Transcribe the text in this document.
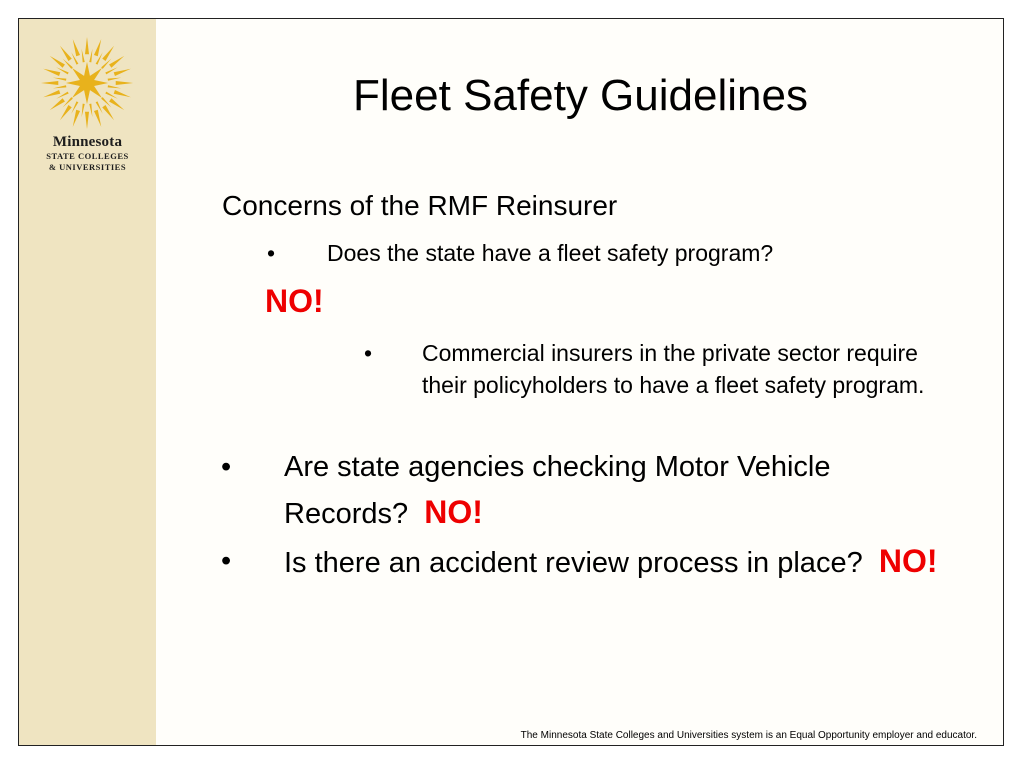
Minnesota
STATE COLLEGES
& UNIVERSITIES
Fleet Safety Guidelines
Concerns of the RMF Reinsurer
• Does the state have a fleet safety program?
NO!
• Commercial insurers in the private sector require their policyholders to have a fleet safety program.
• Are state agencies checking Motor Vehicle Records? NO!
• Is there an accident review process in place? NO!
The Minnesota State Colleges and Universities system is an Equal Opportunity employer and educator.
